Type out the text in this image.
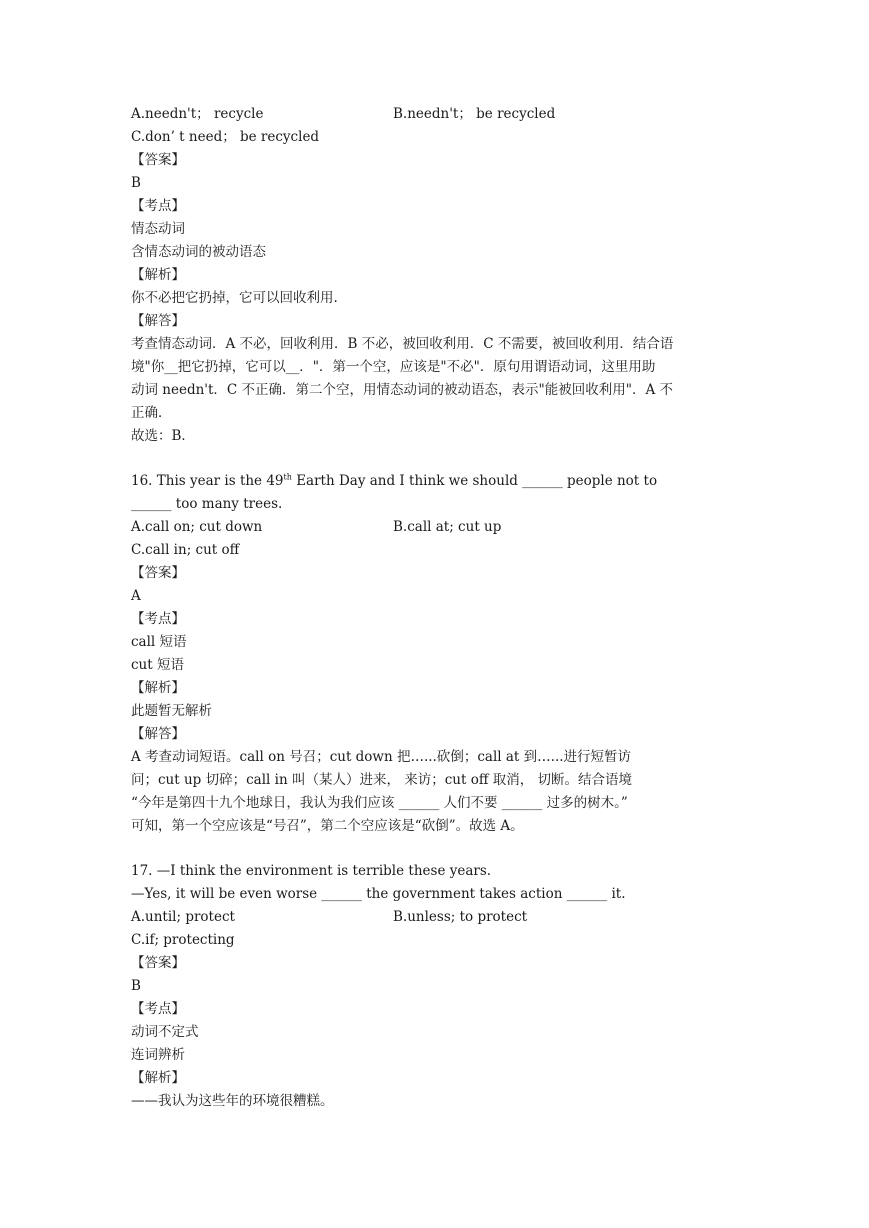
A.needn't； recycle	B.needn't； be recycled
C.don’ t need； be recycled
【答案】
B
【考点】
情态动词
含情态动词的被动语态
【解析】
你不必把它扔掉，它可以回收利用.
【解答】
考查情态动词．A 不必，回收利用．B 不必，被回收利用．C 不需要，被回收利用．结合语
境"你__把它扔掉，它可以__．"．第一个空，应该是"不必"．原句用谓语动词，这里用助
动词 needn't．C 不正确．第二个空，用情态动词的被动语态，表示"能被回收利用"．A 不
正确．
故选：B．
16. This year is the 49th Earth Day and I think we should ______ people not to
______ too many trees.
A.call on; cut down	B.call at; cut up
C.call in; cut off
【答案】
A
【考点】
call 短语
cut 短语
【解析】
此题暂无解析
【解答】
A 考查动词短语。call on 号召；cut down 把…...砍倒；call at 到…...进行短暂访
问；cut up 切碎；call in 叫（某人）进来， 来访；cut off 取消， 切断。结合语境
“今年是第四十九个地球日，我认为我们应该 ______ 人们不要 ______ 过多的树木。”
可知，第一个空应该是“号召”，第二个空应该是“砍倒”。故选 A。
17. —I think the environment is terrible these years.
—Yes, it will be even worse ______ the government takes action ______ it.
A.until; protect	B.unless; to protect
C.if; protecting
【答案】
B
【考点】
动词不定式
连词辨析
【解析】
——我认为这些年的环境很糟糕。
